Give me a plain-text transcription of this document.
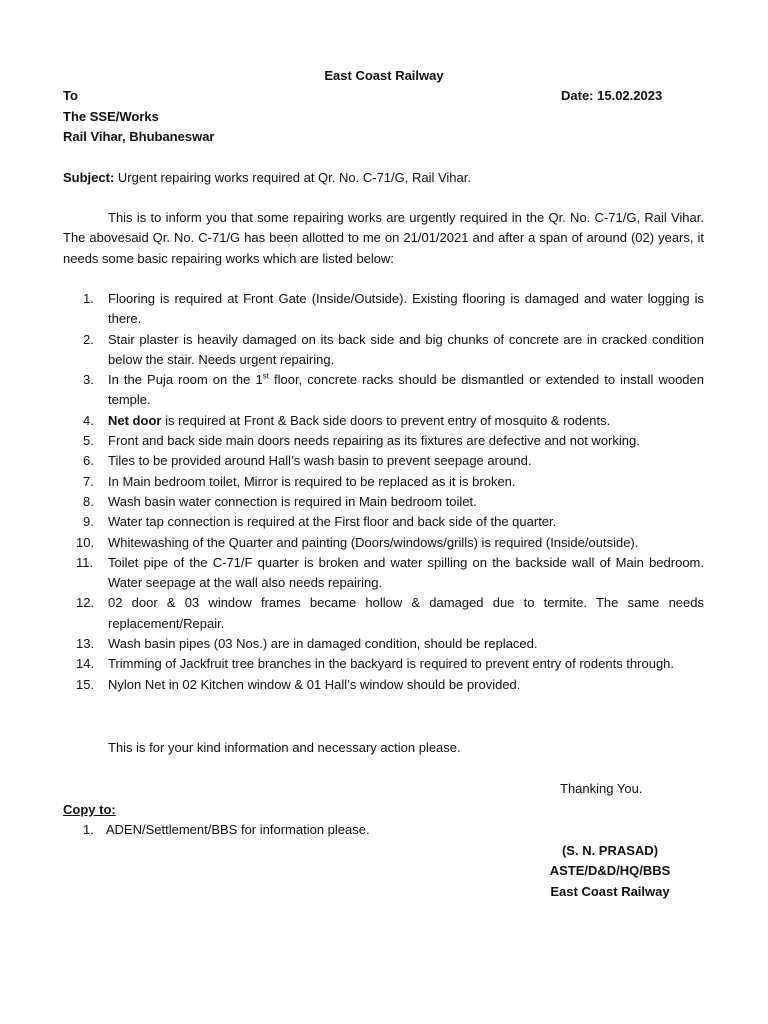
East Coast Railway
To	Date: 15.02.2023
The SSE/Works
Rail Vihar, Bhubaneswar
Subject: Urgent repairing works required at Qr. No. C-71/G, Rail Vihar.
This is to inform you that some repairing works are urgently required in the Qr. No. C-71/G, Rail Vihar. The abovesaid Qr. No. C-71/G has been allotted to me on 21/01/2021 and after a span of around (02) years, it needs some basic repairing works which are listed below:
1. Flooring is required at Front Gate (Inside/Outside). Existing flooring is damaged and water logging is there.
2. Stair plaster is heavily damaged on its back side and big chunks of concrete are in cracked condition below the stair. Needs urgent repairing.
3. In the Puja room on the 1st floor, concrete racks should be dismantled or extended to install wooden temple.
4. Net door is required at Front & Back side doors to prevent entry of mosquito & rodents.
5. Front and back side main doors needs repairing as its fixtures are defective and not working.
6. Tiles to be provided around Hall’s wash basin to prevent seepage around.
7. In Main bedroom toilet, Mirror is required to be replaced as it is broken.
8. Wash basin water connection is required in Main bedroom toilet.
9. Water tap connection is required at the First floor and back side of the quarter.
10. Whitewashing of the Quarter and painting (Doors/windows/grills) is required (Inside/outside).
11. Toilet pipe of the C-71/F quarter is broken and water spilling on the backside wall of Main bedroom. Water seepage at the wall also needs repairing.
12. 02 door & 03 window frames became hollow & damaged due to termite. The same needs replacement/Repair.
13. Wash basin pipes (03 Nos.) are in damaged condition, should be replaced.
14. Trimming of Jackfruit tree branches in the backyard is required to prevent entry of rodents through.
15. Nylon Net in 02 Kitchen window & 01 Hall’s window should be provided.
This is for your kind information and necessary action please.
Thanking You.
Copy to:
1. ADEN/Settlement/BBS for information please.
(S. N. PRASAD)
ASTE/D&D/HQ/BBS
East Coast Railway
